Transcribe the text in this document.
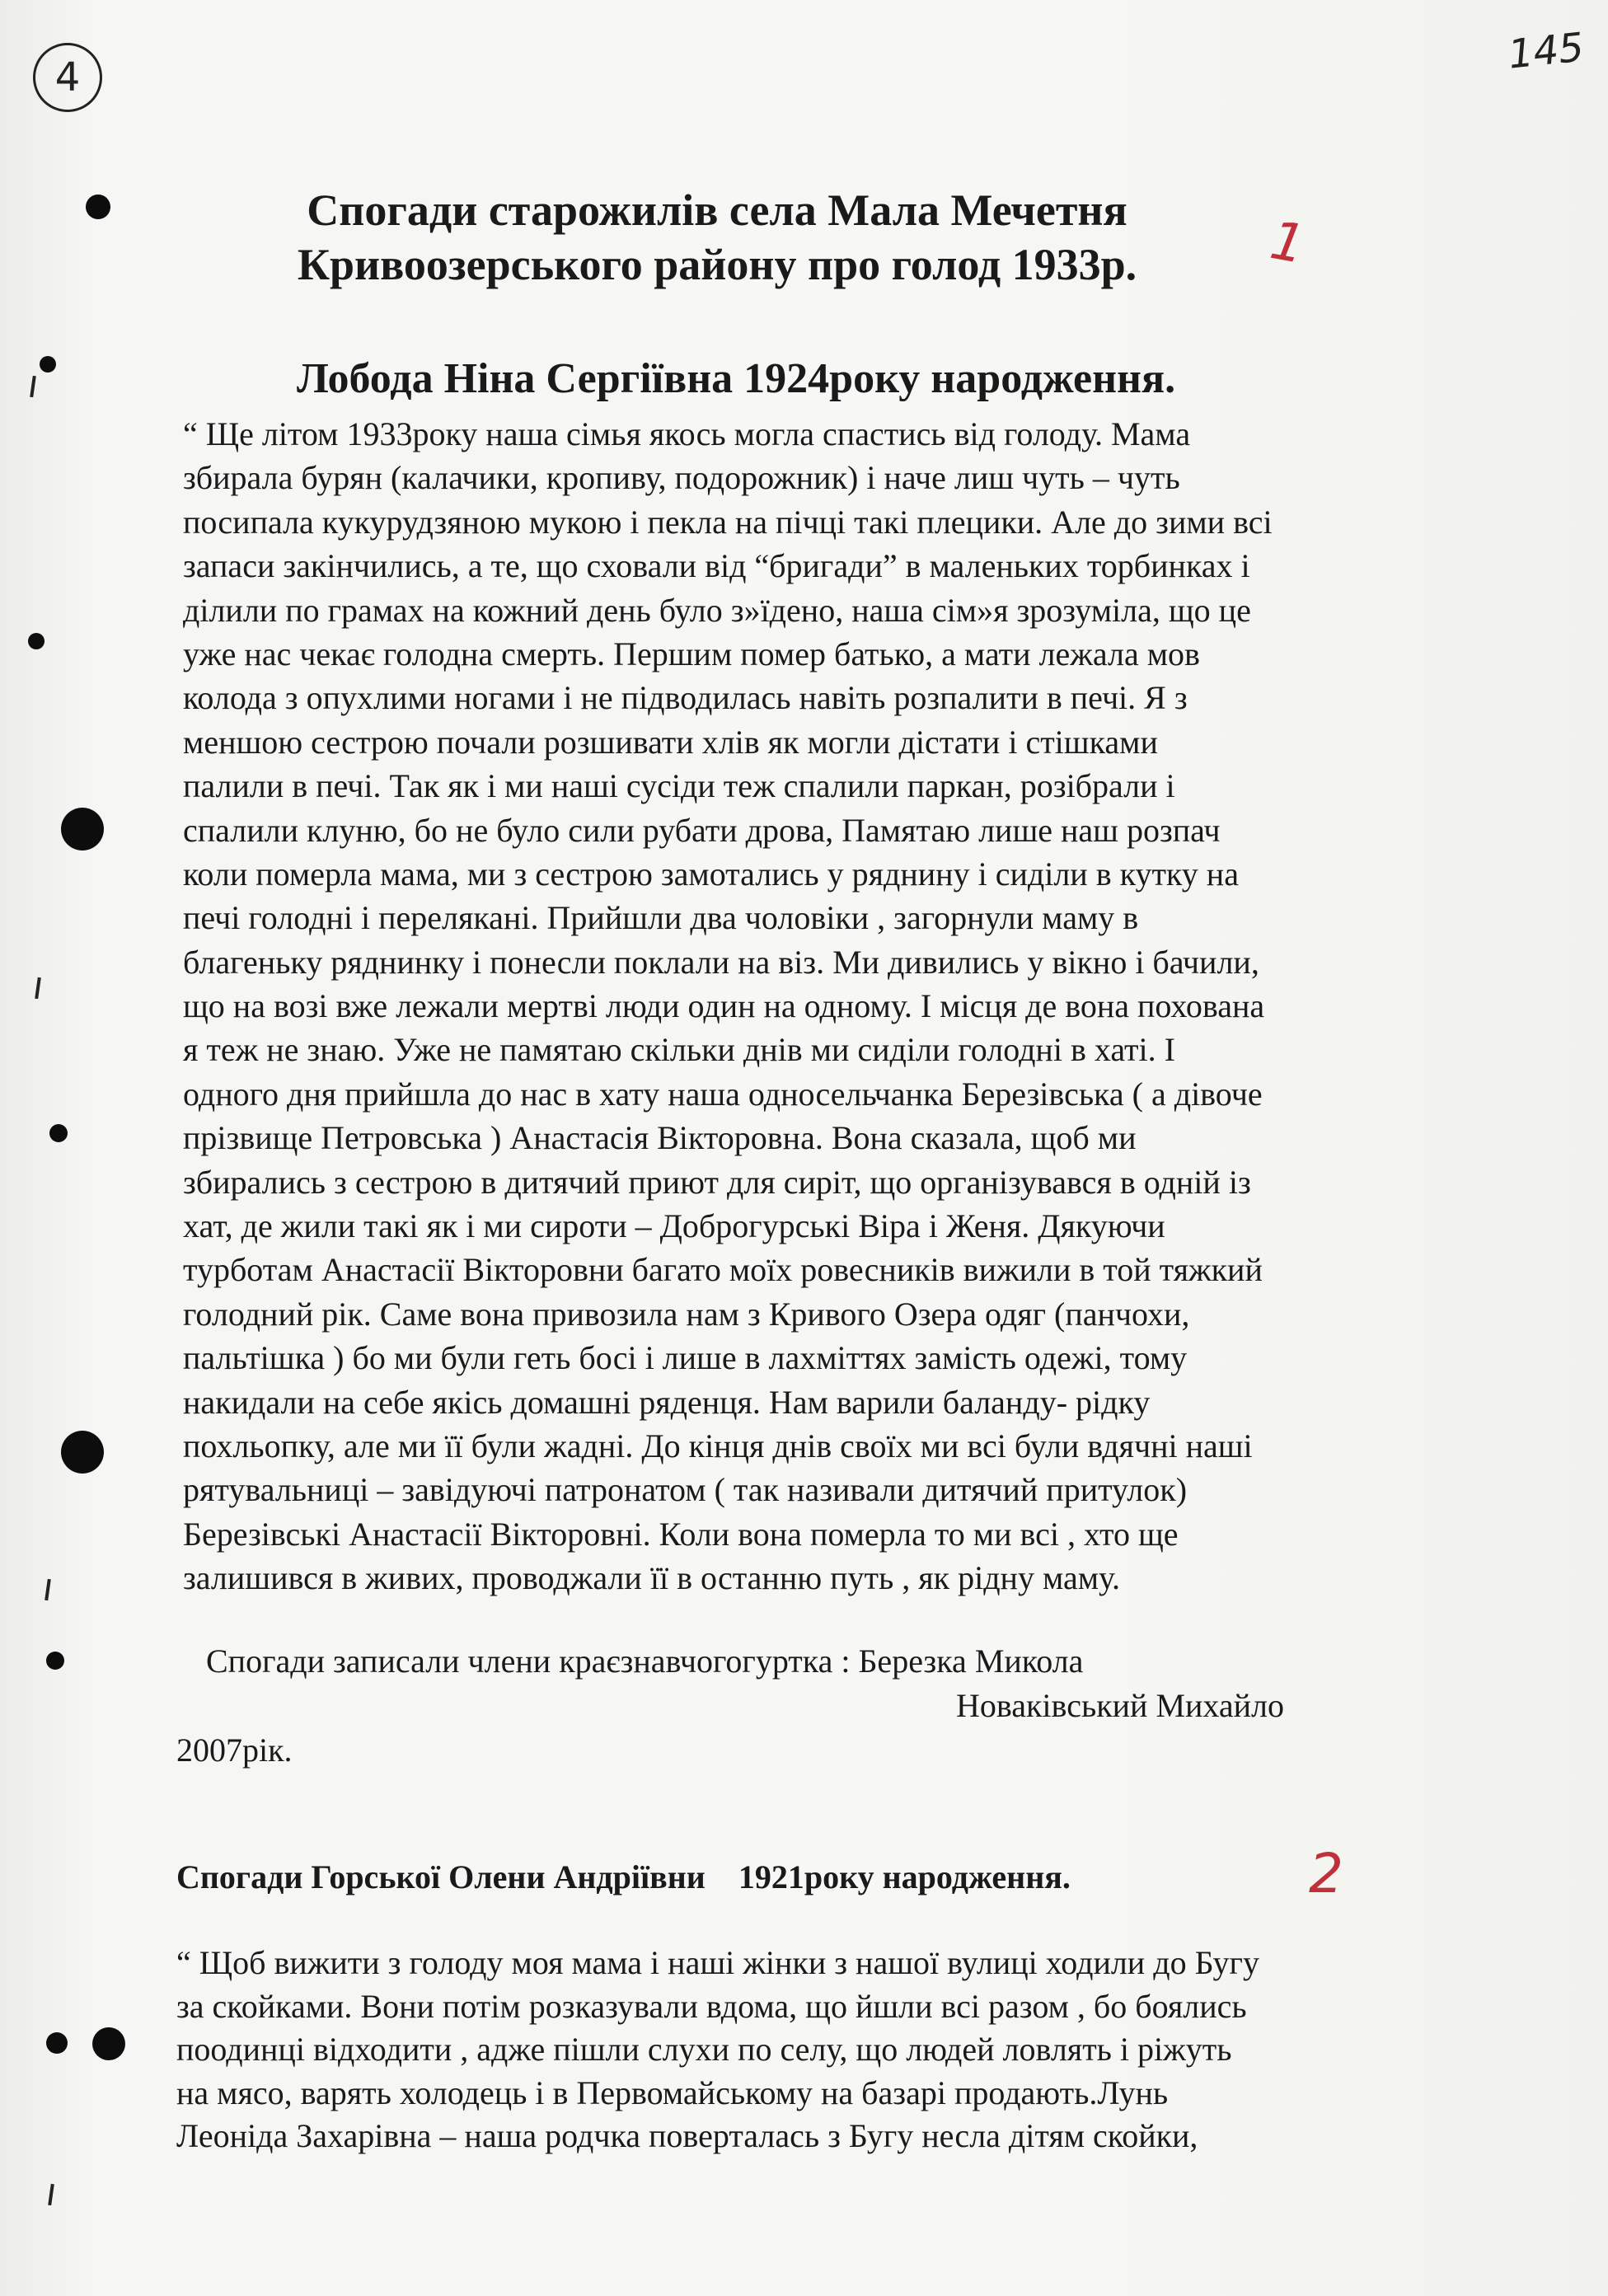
4	145
1
2
Спогади старожилів села Мала Мечетня
Кривоозерського району про голод 1933р.
Лобода Ніна Сергіївна 1924року народження.
“ Ще літом 1933року наша сімья якось могла спастись від голоду. Мама
збирала бурян (калачики, кропиву, подорожник) і наче лиш чуть – чуть
посипала кукурудзяною мукою і пекла на пічці такі плецики. Але до зими всі
запаси закінчились, а те, що сховали від “бригади” в маленьких торбинках і
ділили по грамах на кожний день було з»їдено, наша сім»я зрозуміла, що це
уже нас чекає голодна смерть. Першим помер батько, а мати лежала мов
колода з опухлими ногами і не підводилась навіть розпалити в печі. Я з
меншою сестрою почали розшивати хлів як могли дістати і стішками
палили в печі. Так як і ми наші сусіди теж спалили паркан, розібрали і
спалили клуню, бо не було сили рубати дрова, Памятаю лише наш розпач
коли померла мама, ми з сестрою замотались у ряднину і сиділи в кутку на
печі голодні і перелякані. Прийшли два чоловіки , загорнули маму в
благеньку ряднинку і понесли поклали на віз. Ми дивились у вікно і бачили,
що на возі вже лежали мертві люди один на одному. І місця де вона похована
я теж не знаю. Уже не памятаю скільки днів ми сиділи голодні в хаті. І
одного дня прийшла до нас в хату наша односельчанка Березівська ( а дівоче
прізвище Петровська ) Анастасія Вікторовна. Вона сказала, щоб ми
збирались з сестрою в дитячий приют для сиріт, що організувався в одній із
хат, де жили такі як і ми сироти – Доброгурські Віра і Женя. Дякуючи
турботам Анастасії Вікторовни багато моїх ровесників вижили в той тяжкий
голодний рік. Саме вона привозила нам з Кривого Озера одяг (панчохи,
пальтішка ) бо ми були геть босі і лише в лахміттях замість одежі, тому
накидали на себе якісь домашні ряденця. Нам варили баланду- рідку
похльопку, але ми її були жадні. До кінця днів своїх ми всі були вдячні наші
рятувальниці – завідуючі патронатом ( так називали дитячий притулок)
Березівські Анастасії Вікторовні. Коли вона померла то ми всі , хто ще
залишився в живих, проводжали її в останню путь , як рідну маму.
Спогади записали члени краєзнавчогогуртка : Березка Микола
Новаківський Михайло
2007рік.
Спогади Горської Олени Андріївни    1921року народження.
“ Щоб вижити з голоду моя мама і наші жінки з нашої вулиці ходили до Бугу
за скойками. Вони потім розказували вдома, що йшли всі разом , бо боялись
поодинці відходити , адже пішли слухи по селу, що людей ловлять і ріжуть
на мясо, варять холодець і в Первомайському на базарі продають.Лунь
Леоніда Захарівна – наша родчка поверталась з Бугу несла дітям скойки,
